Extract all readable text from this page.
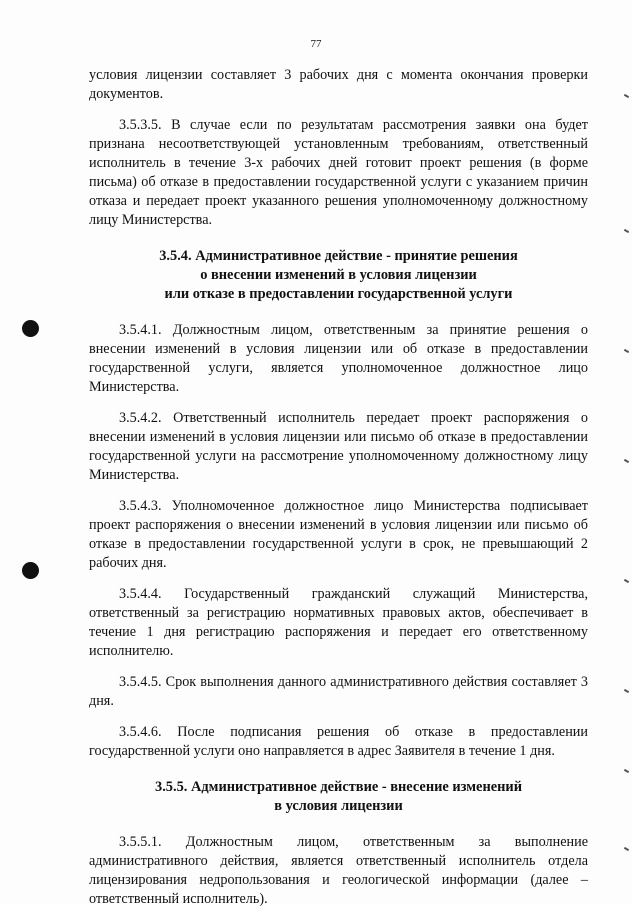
77

условия лицензии составляет 3 рабочих дня с момента окончания проверки документов.

3.5.3.5. В случае если по результатам рассмотрения заявки она будет признана несоответствующей установленным требованиям, ответственный исполнитель в течение 3-х рабочих дней готовит проект решения (в форме письма) об отказе в предоставлении государственной услуги с указанием причин отказа и передает проект указанного решения уполномоченному должностному лицу Министерства.

3.5.4. Административное действие - принятие решения
о внесении изменений в условия лицензии
или отказе в предоставлении государственной услуги

3.5.4.1. Должностным лицом, ответственным за принятие решения о внесении изменений в условия лицензии или об отказе в предоставлении государственной услуги, является уполномоченное должностное лицо Министерства.

3.5.4.2. Ответственный исполнитель передает проект распоряжения о внесении изменений в условия лицензии или письмо об отказе в предоставлении государственной услуги на рассмотрение уполномоченному должностному лицу Министерства.

3.5.4.3. Уполномоченное должностное лицо Министерства подписывает проект распоряжения о внесении изменений в условия лицензии или письмо об отказе в предоставлении государственной услуги в срок, не превышающий 2 рабочих дня.

3.5.4.4. Государственный гражданский служащий Министерства, ответственный за регистрацию нормативных правовых актов, обеспечивает в течение 1 дня регистрацию распоряжения и передает его ответственному исполнителю.

3.5.4.5. Срок выполнения данного административного действия составляет 3 дня.

3.5.4.6. После подписания решения об отказе в предоставлении государственной услуги оно направляется в адрес Заявителя в течение 1 дня.

3.5.5. Административное действие - внесение изменений
в условия лицензии

3.5.5.1. Должностным лицом, ответственным за выполнение административного действия, является ответственный исполнитель отдела лицензирования недропользования и геологической информации (далее – ответственный исполнитель).
